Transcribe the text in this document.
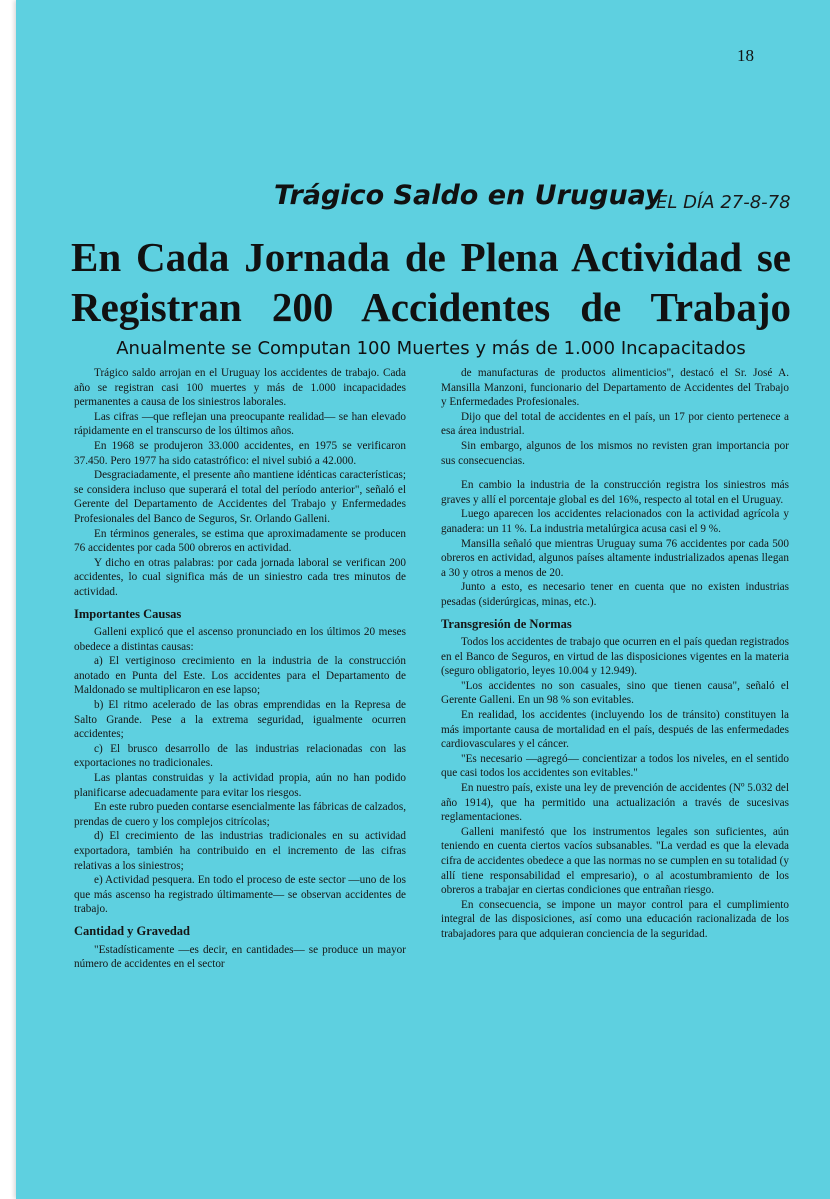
18
Trágico Saldo en Uruguay
EL DÍA 27-8-78
En Cada Jornada de Plena Actividad se
Registran 200 Accidentes de Trabajo
Anualmente se Computan 100 Muertes y más de 1.000 Incapacitados

Trágico saldo arrojan en el Uruguay los accidentes de trabajo. Cada año se registran casi 100 muertes y más de 1.000 incapacidades permanentes a causa de los siniestros laborales.

Las cifras —que reflejan una preocupante realidad— se han elevado rápidamente en el transcurso de los últimos años.

En 1968 se produjeron 33.000 accidentes, en 1975 se verificaron 37.450. Pero 1977 ha sido catastrófico: el nivel subió a 42.000.

Desgraciadamente, el presente año mantiene idénticas características; se considera incluso que superará el total del período anterior", señaló el Gerente del Departamento de Accidentes del Trabajo y Enfermedades Profesionales del Banco de Seguros, Sr. Orlando Galleni.

En términos generales, se estima que aproximadamente se producen 76 accidentes por cada 500 obreros en actividad.

Y dicho en otras palabras: por cada jornada laboral se verifican 200 accidentes, lo cual significa más de un siniestro cada tres minutos de actividad.

Importantes Causas

Galleni explicó que el ascenso pronunciado en los últimos 20 meses obedece a distintas causas:

a) El vertiginoso crecimiento en la industria de la construcción anotado en Punta del Este. Los accidentes para el Departamento de Maldonado se multiplicaron en ese lapso;

b) El ritmo acelerado de las obras emprendidas en la Represa de Salto Grande. Pese a la extrema seguridad, igualmente ocurren accidentes;

c) El brusco desarrollo de las industrias relacionadas con las exportaciones no tradicionales.

Las plantas construidas y la actividad propia, aún no han podido planificarse adecuadamente para evitar los riesgos.

En este rubro pueden contarse esencialmente las fábricas de calzados, prendas de cuero y los complejos citrícolas;

d) El crecimiento de las industrias tradicionales en su actividad exportadora, también ha contribuido en el incremento de las cifras relativas a los siniestros;

e) Actividad pesquera. En todo el proceso de este sector —uno de los que más ascenso ha registrado últimamente— se observan accidentes de trabajo.

Cantidad y Gravedad

"Estadísticamente —es decir, en cantidades— se produce un mayor número de accidentes en el sector

de manufacturas de productos alimenticios", destacó el Sr. José A. Mansilla Manzoni, funcionario del Departamento de Accidentes del Trabajo y Enfermedades Profesionales.

Dijo que del total de accidentes en el país, un 17 por ciento pertenece a esa área industrial.

Sin embargo, algunos de los mismos no revisten gran importancia por sus consecuencias.

En cambio la industria de la construcción registra los siniestros más graves y allí el porcentaje global es del 16%, respecto al total en el Uruguay.

Luego aparecen los accidentes relacionados con la actividad agrícola y ganadera: un 11 %. La industria metalúrgica acusa casi el 9 %.

Mansilla señaló que mientras Uruguay suma 76 accidentes por cada 500 obreros en actividad, algunos países altamente industrializados apenas llegan a 30 y otros a menos de 20.

Junto a esto, es necesario tener en cuenta que no existen industrias pesadas (siderúrgicas, minas, etc.).

Transgresión de Normas

Todos los accidentes de trabajo que ocurren en el país quedan registrados en el Banco de Seguros, en virtud de las disposiciones vigentes en la materia (seguro obligatorio, leyes 10.004 y 12.949).

"Los accidentes no son casuales, sino que tienen causa", señaló el Gerente Galleni. En un 98 % son evitables.

En realidad, los accidentes (incluyendo los de tránsito) constituyen la más importante causa de mortalidad en el país, después de las enfermedades cardiovasculares y el cáncer.

"Es necesario —agregó— concientizar a todos los niveles, en el sentido que casi todos los accidentes son evitables."

En nuestro país, existe una ley de prevención de accidentes (Nº 5.032 del año 1914), que ha permitido una actualización a través de sucesivas reglamentaciones.

Galleni manifestó que los instrumentos legales son suficientes, aún teniendo en cuenta ciertos vacíos subsanables. "La verdad es que la elevada cifra de accidentes obedece a que las normas no se cumplen en su totalidad (y allí tiene responsabilidad el empresario), o al acostumbramiento de los obreros a trabajar en ciertas condiciones que entrañan riesgo.

En consecuencia, se impone un mayor control para el cumplimiento integral de las disposiciones, así como una educación racionalizada de los trabajadores para que adquieran conciencia de la seguridad.
